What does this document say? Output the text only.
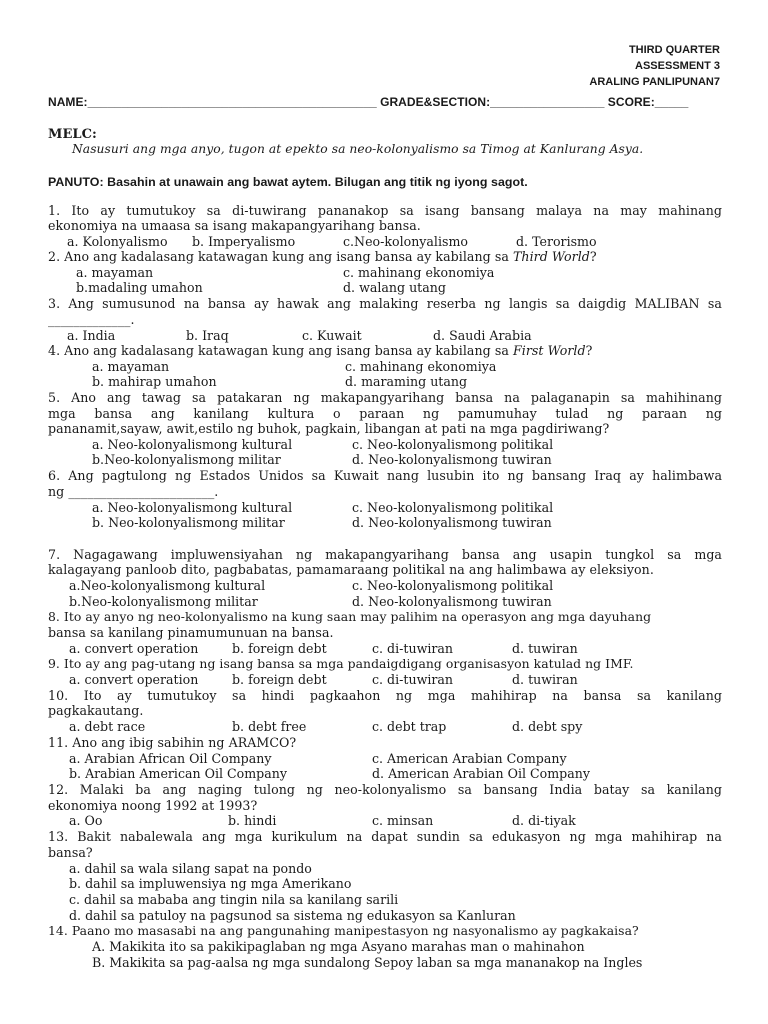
THIRD QUARTER
ASSESSMENT 3
ARALING PANLIPUNAN7
NAME:___________________________________________ GRADE&SECTION:_________________ SCORE:_____
MELC:
Nasusuri ang mga anyo, tugon at epekto sa neo-kolonyalismo sa Timog at Kanlurang Asya.
PANUTO: Basahin at unawain ang bawat aytem. Bilugan ang titik ng iyong sagot.
1. Ito ay tumutukoy sa di-tuwirang pananakop sa isang bansang malaya na may mahinang
ekonomiya na umaasa sa isang makapangyarihang bansa.
a. Kolonyalismo b. Imperyalismo	c.Neo-kolonyalismo	d. Terorismo
2. Ano ang kadalasang katawagan kung ang isang bansa ay kabilang sa Third World?
a. mayaman	c. mahinang ekonomiya
b.madaling umahon	d. walang utang
3. Ang sumusunod na bansa ay hawak ang malaking reserba ng langis sa daigdig MALIBAN sa
_____________.
a. India	b. Iraq	c. Kuwait	d. Saudi Arabia
4. Ano ang kadalasang katawagan kung ang isang bansa ay kabilang sa First World?
a. mayaman	c. mahinang ekonomiya
b. mahirap umahon	d. maraming utang
5. Ano ang tawag sa patakaran ng makapangyarihang bansa na palaganapin sa mahihinang
mga bansa ang kanilang kultura o paraan ng pamumuhay tulad ng paraan ng
pananamit,sayaw, awit,estilo ng buhok, pagkain, libangan at pati na mga pagdiriwang?
a. Neo-kolonyalismong kultural	c. Neo-kolonyalismong politikal
b.Neo-kolonyalismong militar	d. Neo-kolonyalismong tuwiran
6. Ang pagtulong ng Estados Unidos sa Kuwait nang lusubin ito ng bansang Iraq ay halimbawa
ng _______________________.
a. Neo-kolonyalismong kultural	c. Neo-kolonyalismong politikal
b. Neo-kolonyalismong militar	d. Neo-kolonyalismong tuwiran
7. Nagagawang impluwensiyahan ng makapangyarihang bansa ang usapin tungkol sa mga
kalagayang panloob dito, pagbabatas, pamamaraang politikal na ang halimbawa ay eleksiyon.
a.Neo-kolonyalismong kultural	c. Neo-kolonyalismong politikal
b.Neo-kolonyalismong militar	d. Neo-kolonyalismong tuwiran
8. Ito ay anyo ng neo-kolonyalismo na kung saan may palihim na operasyon ang mga dayuhang
bansa sa kanilang pinamumunuan na bansa.
a. convert operation	b. foreign debt	c. di-tuwiran	d. tuwiran
9. Ito ay ang pag-utang ng isang bansa sa mga pandaigdigang organisasyon katulad ng IMF.
a. convert operation	b. foreign debt	c. di-tuwiran	d. tuwiran
10. Ito ay tumutukoy sa hindi pagkaahon ng mga mahihirap na bansa sa kanilang
pagkakautang.
a. debt race	b. debt free	c. debt trap	d. debt spy
11. Ano ang ibig sabihin ng ARAMCO?
a. Arabian African Oil Company	c. American Arabian Company
b. Arabian American Oil Company	d. American Arabian Oil Company
12. Malaki ba ang naging tulong ng neo-kolonyalismo sa bansang India batay sa kanilang
ekonomiya noong 1992 at 1993?
a. Oo	b. hindi	c. minsan	d. di-tiyak
13. Bakit nabalewala ang mga kurikulum na dapat sundin sa edukasyon ng mga mahihirap na
bansa?
a. dahil sa wala silang sapat na pondo
b. dahil sa impluwensiya ng mga Amerikano
c. dahil sa mababa ang tingin nila sa kanilang sarili
d. dahil sa patuloy na pagsunod sa sistema ng edukasyon sa Kanluran
14. Paano mo masasabi na ang pangunahing manipestasyon ng nasyonalismo ay pagkakaisa?
A. Makikita ito sa pakikipaglaban ng mga Asyano marahas man o mahinahon
B. Makikita sa pag-aalsa ng mga sundalong Sepoy laban sa mga mananakop na Ingles
